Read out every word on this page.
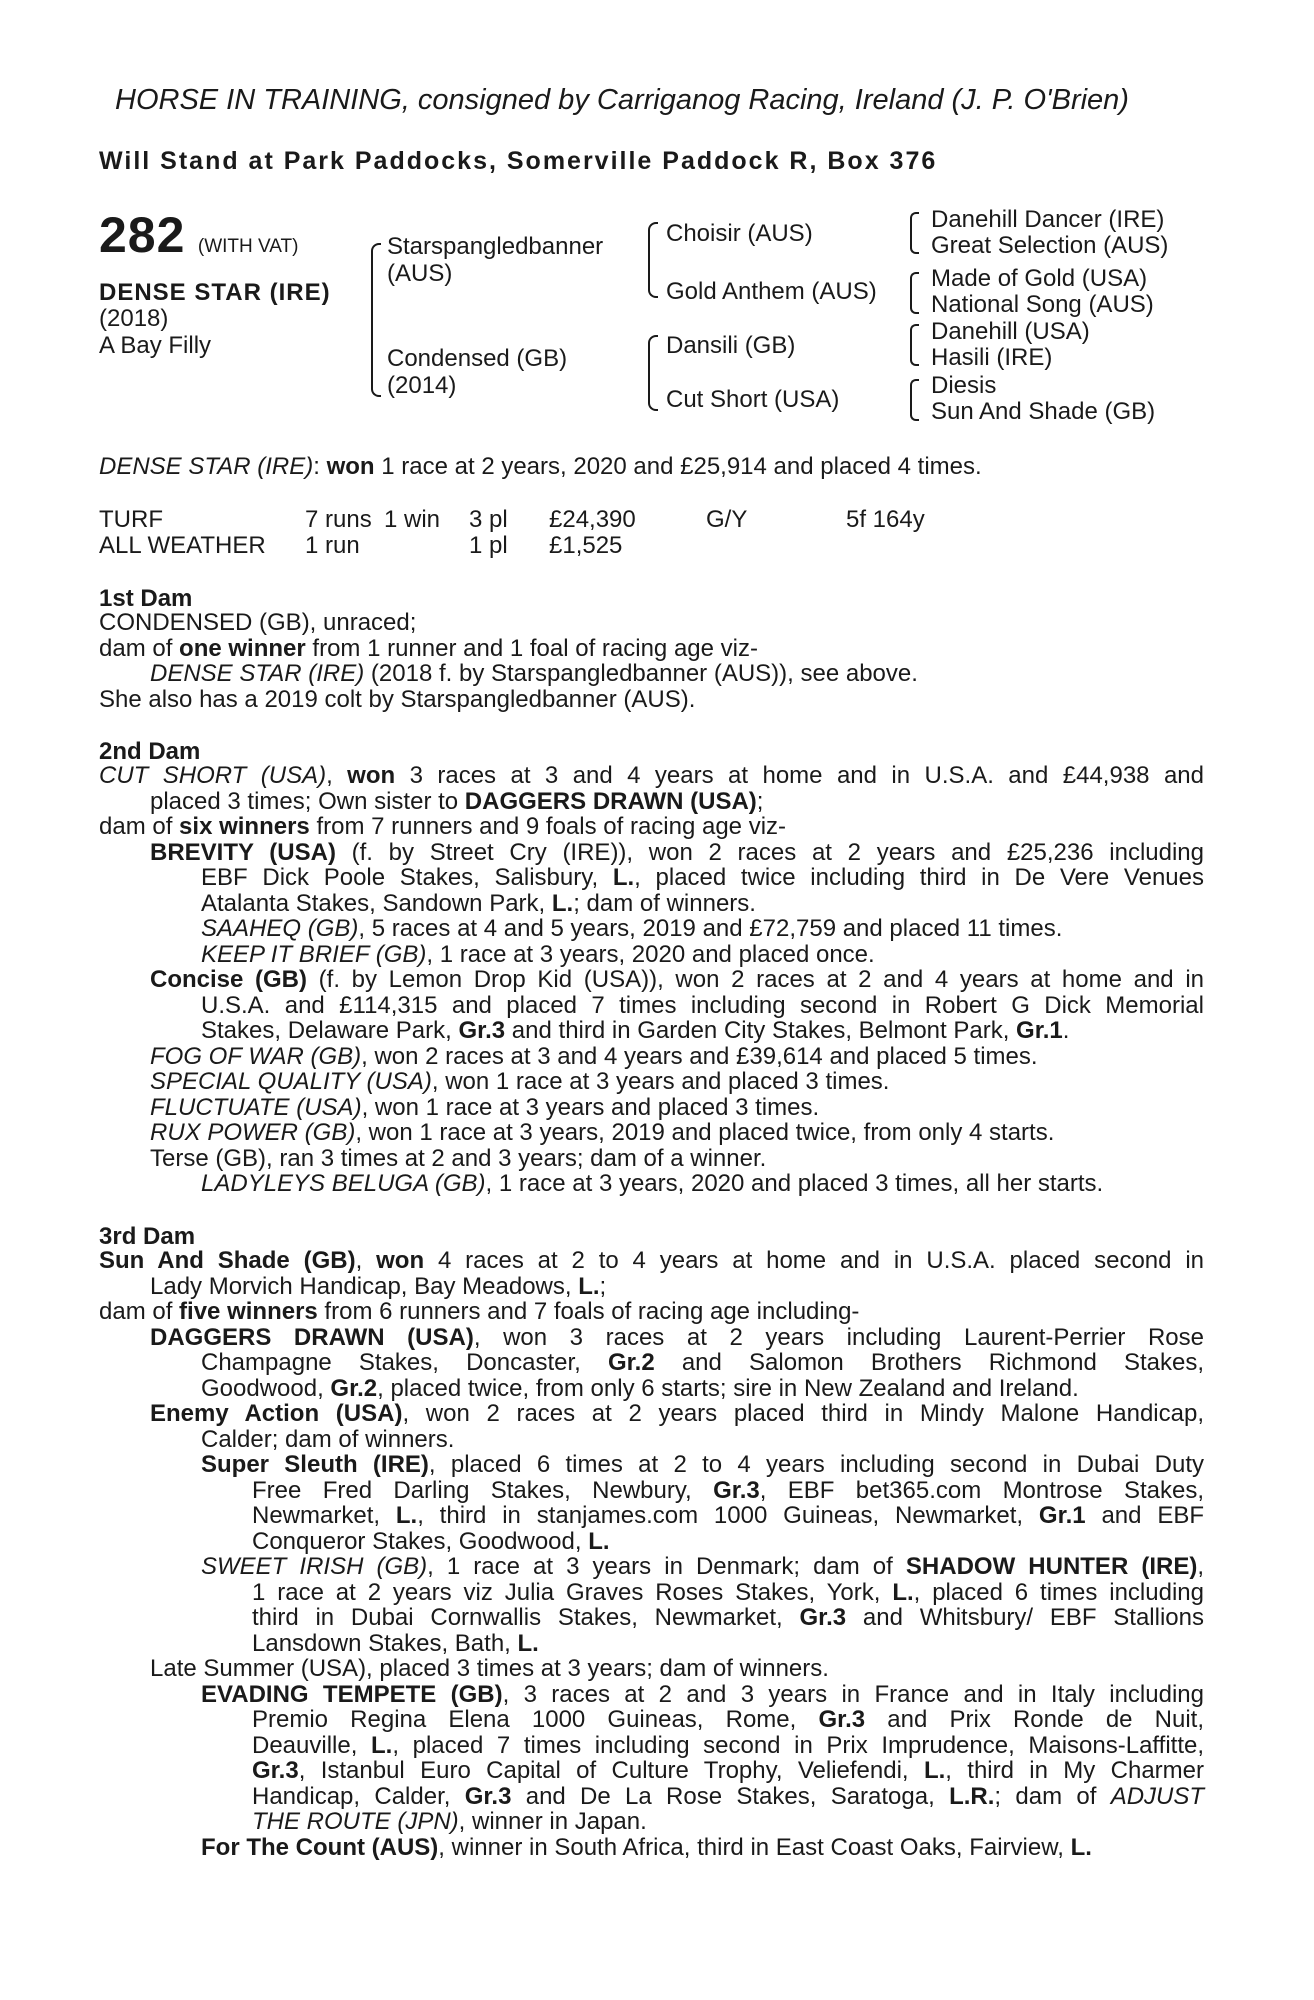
HORSE IN TRAINING, consigned by Carriganog Racing, Ireland (J. P. O'Brien)
Will Stand at Park Paddocks, Somerville Paddock R, Box 376
282 (WITH VAT)
DENSE STAR (IRE)
(2018)
A Bay Filly
Starspangledbanner
(AUS)
Condensed (GB)
(2014)
Choisir (AUS)
Gold Anthem (AUS)
Dansili (GB)
Cut Short (USA)
Danehill Dancer (IRE)
Great Selection (AUS)
Made of Gold (USA)
National Song (AUS)
Danehill (USA)
Hasili (IRE)
Diesis
Sun And Shade (GB)
DENSE STAR (IRE): won 1 race at 2 years, 2020 and £25,914 and placed 4 times.
TURF	7 runs 1 win 3 pl £24,390	G/Y	5f 164y
ALL WEATHER 1 run	1 pl £1,525
1st Dam
CONDENSED (GB), unraced;
dam of one winner from 1 runner and 1 foal of racing age viz-
DENSE STAR (IRE) (2018 f. by Starspangledbanner (AUS)), see above.
She also has a 2019 colt by Starspangledbanner (AUS).
2nd Dam
CUT SHORT (USA), won 3 races at 3 and 4 years at home and in U.S.A. and £44,938 and
placed 3 times; Own sister to DAGGERS DRAWN (USA);
dam of six winners from 7 runners and 9 foals of racing age viz-
BREVITY (USA) (f. by Street Cry (IRE)), won 2 races at 2 years and £25,236 including
EBF Dick Poole Stakes, Salisbury, L., placed twice including third in De Vere Venues
Atalanta Stakes, Sandown Park, L.; dam of winners.
SAAHEQ (GB), 5 races at 4 and 5 years, 2019 and £72,759 and placed 11 times.
KEEP IT BRIEF (GB), 1 race at 3 years, 2020 and placed once.
Concise (GB) (f. by Lemon Drop Kid (USA)), won 2 races at 2 and 4 years at home and in
U.S.A. and £114,315 and placed 7 times including second in Robert G Dick Memorial
Stakes, Delaware Park, Gr.3 and third in Garden City Stakes, Belmont Park, Gr.1.
FOG OF WAR (GB), won 2 races at 3 and 4 years and £39,614 and placed 5 times.
SPECIAL QUALITY (USA), won 1 race at 3 years and placed 3 times.
FLUCTUATE (USA), won 1 race at 3 years and placed 3 times.
RUX POWER (GB), won 1 race at 3 years, 2019 and placed twice, from only 4 starts.
Terse (GB), ran 3 times at 2 and 3 years; dam of a winner.
LADYLEYS BELUGA (GB), 1 race at 3 years, 2020 and placed 3 times, all her starts.
3rd Dam
Sun And Shade (GB), won 4 races at 2 to 4 years at home and in U.S.A. placed second in
Lady Morvich Handicap, Bay Meadows, L.;
dam of five winners from 6 runners and 7 foals of racing age including-
DAGGERS DRAWN (USA), won 3 races at 2 years including Laurent-Perrier Rose
Champagne Stakes, Doncaster, Gr.2 and Salomon Brothers Richmond Stakes,
Goodwood, Gr.2, placed twice, from only 6 starts; sire in New Zealand and Ireland.
Enemy Action (USA), won 2 races at 2 years placed third in Mindy Malone Handicap,
Calder; dam of winners.
Super Sleuth (IRE), placed 6 times at 2 to 4 years including second in Dubai Duty
Free Fred Darling Stakes, Newbury, Gr.3, EBF bet365.com Montrose Stakes,
Newmarket, L., third in stanjames.com 1000 Guineas, Newmarket, Gr.1 and EBF
Conqueror Stakes, Goodwood, L.
SWEET IRISH (GB), 1 race at 3 years in Denmark; dam of SHADOW HUNTER (IRE),
1 race at 2 years viz Julia Graves Roses Stakes, York, L., placed 6 times including
third in Dubai Cornwallis Stakes, Newmarket, Gr.3 and Whitsbury/ EBF Stallions
Lansdown Stakes, Bath, L.
Late Summer (USA), placed 3 times at 3 years; dam of winners.
EVADING TEMPETE (GB), 3 races at 2 and 3 years in France and in Italy including
Premio Regina Elena 1000 Guineas, Rome, Gr.3 and Prix Ronde de Nuit,
Deauville, L., placed 7 times including second in Prix Imprudence, Maisons-Laffitte,
Gr.3, Istanbul Euro Capital of Culture Trophy, Veliefendi, L., third in My Charmer
Handicap, Calder, Gr.3 and De La Rose Stakes, Saratoga, L.R.; dam of ADJUST
THE ROUTE (JPN), winner in Japan.
For The Count (AUS), winner in South Africa, third in East Coast Oaks, Fairview, L.
